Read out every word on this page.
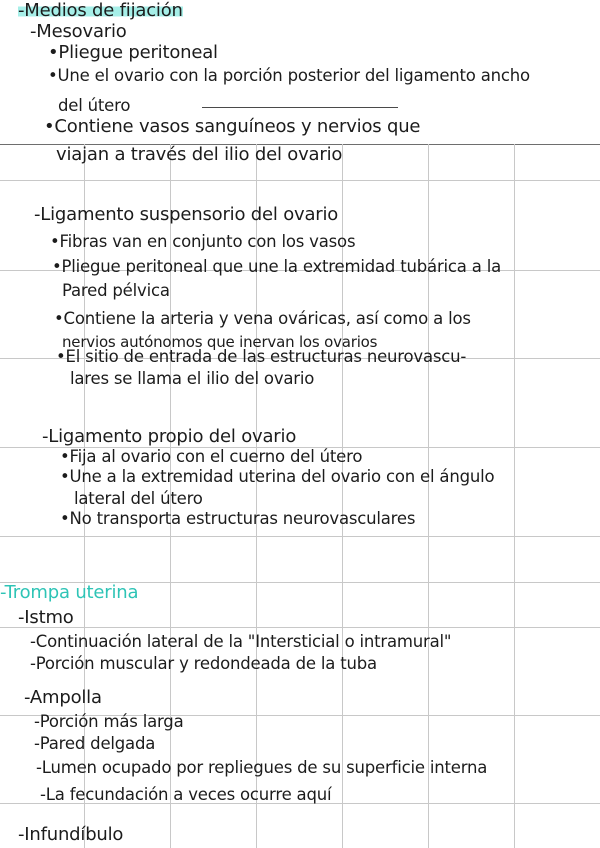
-Medios de fijación
-Mesovario
•Pliegue peritoneal
•Une el ovario con la porción posterior del ligamento ancho
del útero
•Contiene vasos sanguíneos y nervios que
viajan a través del ilio del ovario
-Ligamento suspensorio del ovario
•Fibras van en conjunto con los vasos
•Pliegue peritoneal que une la extremidad tubárica a la
Pared pélvica
•Contiene la arteria y vena ováricas, así como a los
nervios autónomos que inervan los ovarios
•El sitio de entrada de las estructuras neurovascu-
lares se llama el ilio del ovario
-Ligamento propio del ovario
•Fija al ovario con el cuerno del útero
•Une a la extremidad uterina del ovario con el ángulo
lateral del útero
•No transporta estructuras neurovasculares
-Trompa uterina
-Istmo
-Continuación lateral de la "Intersticial o intramural"
-Porción muscular y redondeada de la tuba
-Ampolla
-Porción más larga
-Pared delgada
-Lumen ocupado por repliegues de su superficie interna
-La fecundación a veces ocurre aquí
-Infundíbulo
